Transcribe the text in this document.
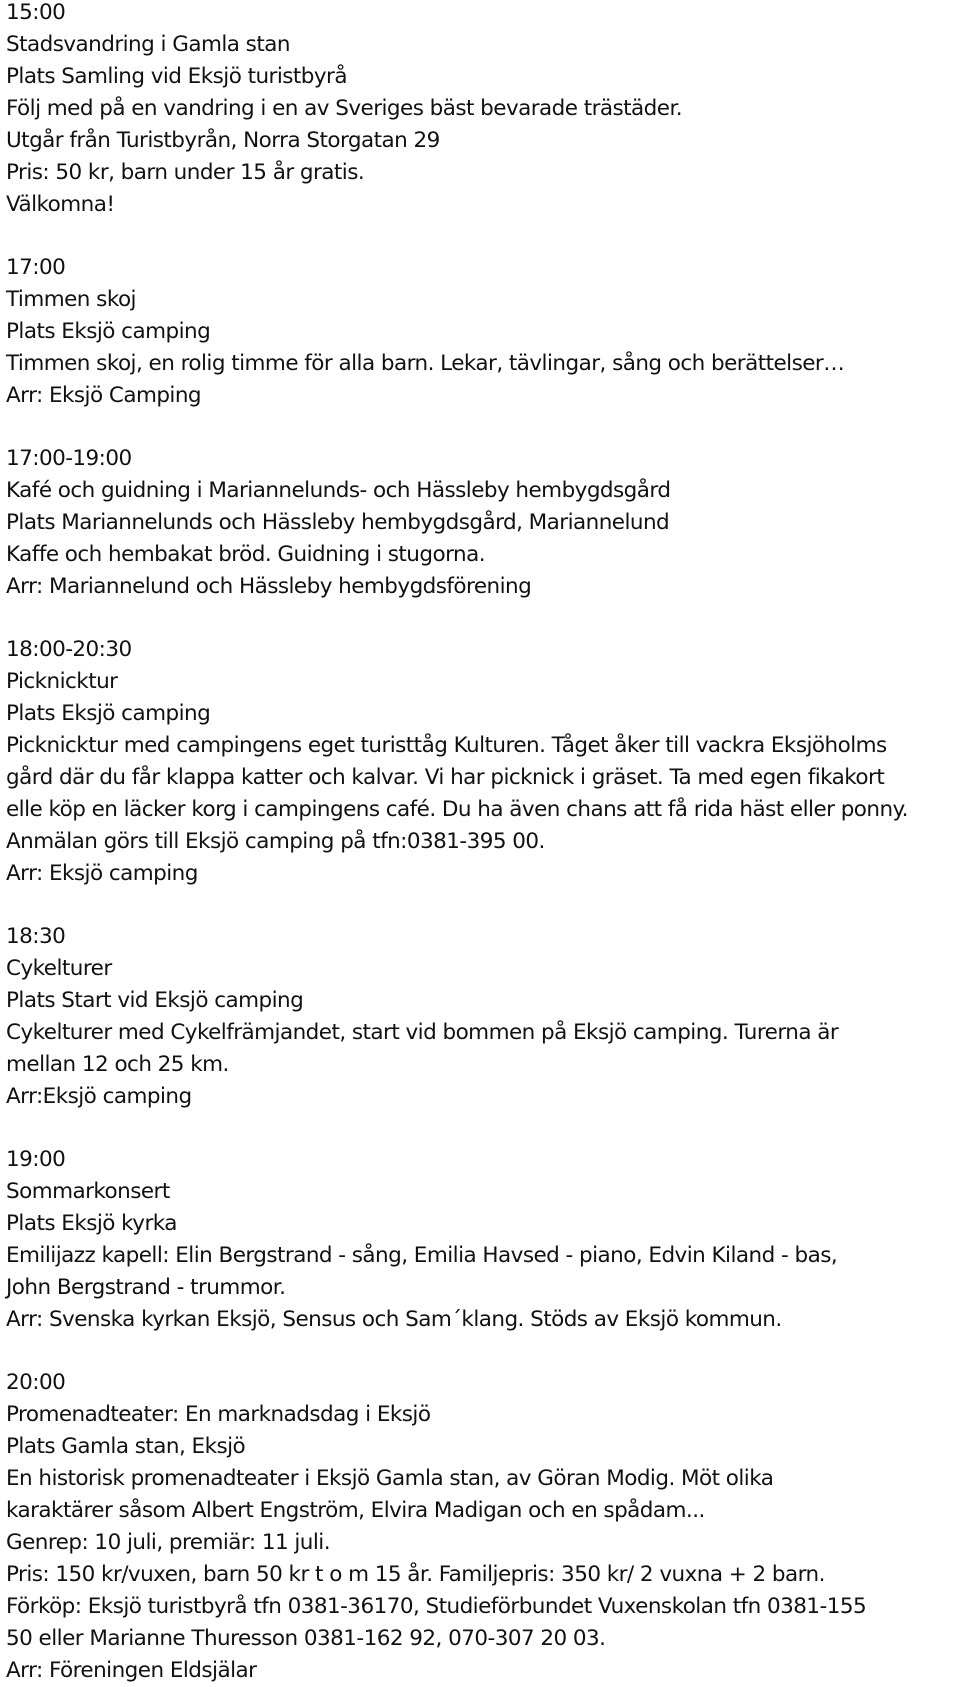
15:00
Stadsvandring i Gamla stan
Plats Samling vid Eksjö turistbyrå
Följ med på en vandring i en av Sveriges bäst bevarade trästäder.
Utgår från Turistbyrån, Norra Storgatan 29
Pris: 50 kr, barn under 15 år gratis.
Välkomna!
17:00
Timmen skoj
Plats Eksjö camping
Timmen skoj, en rolig timme för alla barn. Lekar, tävlingar, sång och berättelser…
Arr: Eksjö Camping
17:00-19:00
Kafé och guidning i Mariannelunds- och Hässleby hembygdsgård
Plats Mariannelunds och Hässleby hembygdsgård, Mariannelund
Kaffe och hembakat bröd. Guidning i stugorna.
Arr: Mariannelund och Hässleby hembygdsförening
18:00-20:30
Picknicktur
Plats Eksjö camping
Picknicktur med campingens eget turisttåg Kulturen. Tåget åker till vackra Eksjöholms
gård där du får klappa katter och kalvar. Vi har picknick i gräset. Ta med egen fikakort
elle köp en läcker korg i campingens café. Du ha även chans att få rida häst eller ponny.
Anmälan görs till Eksjö camping på tfn:0381-395 00.
Arr: Eksjö camping
18:30
Cykelturer
Plats Start vid Eksjö camping
Cykelturer med Cykelfrämjandet, start vid bommen på Eksjö camping. Turerna är
mellan 12 och 25 km.
Arr:Eksjö camping
19:00
Sommarkonsert
Plats Eksjö kyrka
Emilijazz kapell: Elin Bergstrand - sång, Emilia Havsed - piano, Edvin Kiland - bas,
John Bergstrand - trummor.
Arr: Svenska kyrkan Eksjö, Sensus och Sam´klang. Stöds av Eksjö kommun.
20:00
Promenadteater: En marknadsdag i Eksjö
Plats Gamla stan, Eksjö
En historisk promenadteater i Eksjö Gamla stan, av Göran Modig. Möt olika
karaktärer såsom Albert Engström, Elvira Madigan och en spådam...
Genrep: 10 juli, premiär: 11 juli.
Pris: 150 kr/vuxen, barn 50 kr t o m 15 år. Familjepris: 350 kr/ 2 vuxna + 2 barn.
Förköp: Eksjö turistbyrå tfn 0381-36170, Studieförbundet Vuxenskolan tfn 0381-155
50 eller Marianne Thuresson 0381-162 92, 070-307 20 03.
Arr: Föreningen Eldsjälar
